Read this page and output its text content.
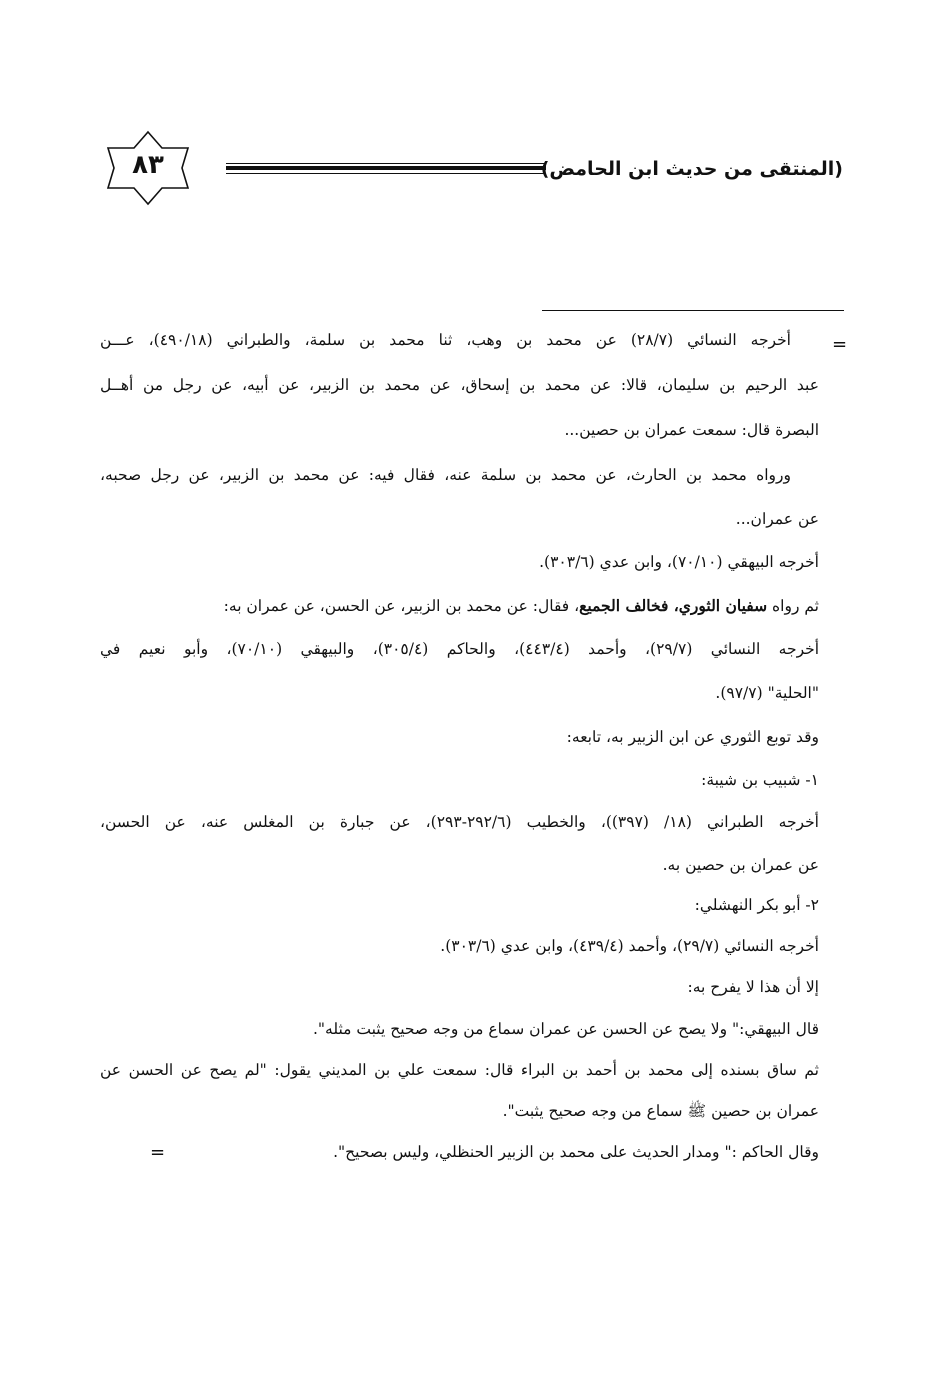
(المنتقى من حديث ابن الحامض)
٨٣
=
=
أخرجه النسائي (٢٨/٧) عن محمد بن وهب، ثنا محمد بن سلمة، والطبراني (٤٩٠/١٨)، عـــن
عبد الرحيم بن سليمان، قالا: عن محمد بن إسحاق، عن محمد بن الزبير، عن أبيه، عن رجل من أهــل
البصرة قال: سمعت عمران بن حصين...
ورواه محمد بن الحارث، عن محمد بن سلمة عنه، فقال فيه: عن محمد بن الزبير، عن رجل صحبه،
عن عمران...
أخرجه البيهقي (٧٠/١٠)، وابن عدي (٣٠٣/٦).
ثم رواه سفيان الثوري، فخالف الجميع، فقال: عن محمد بن الزبير، عن الحسن، عن عمران به:
أخرجه النسائي (٢٩/٧)، وأحمد (٤٤٣/٤)، والحاكم (٣٠٥/٤)، والبيهقي (٧٠/١٠)، وأبو نعيم في
"الحلية" (٩٧/٧).
وقد توبع الثوري عن ابن الزبير به، تابعه:
١- شبيب بن شيبة:
أخرجه الطبراني (١٨/ (٣٩٧))، والخطيب (٢٩٢/٦-٢٩٣)، عن جبارة بن المغلس عنه، عن الحسن،
عن عمران بن حصين به.
٢- أبو بكر النهشلي:
أخرجه النسائي (٢٩/٧)، وأحمد (٤٣٩/٤)، وابن عدي (٣٠٣/٦).
إلا أن هذا لا يفرح به:
قال البيهقي:" ولا يصح عن الحسن عن عمران سماع من وجه صحيح يثبت مثله".
ثم ساق بسنده إلى محمد بن أحمد بن البراء قال: سمعت علي بن المديني يقول: "لم يصح عن الحسن عن
عمران بن حصين ﷺ سماع من وجه صحيح يثبت".
وقال الحاكم :" ومدار الحديث على محمد بن الزبير الحنظلي، وليس بصحيح".
